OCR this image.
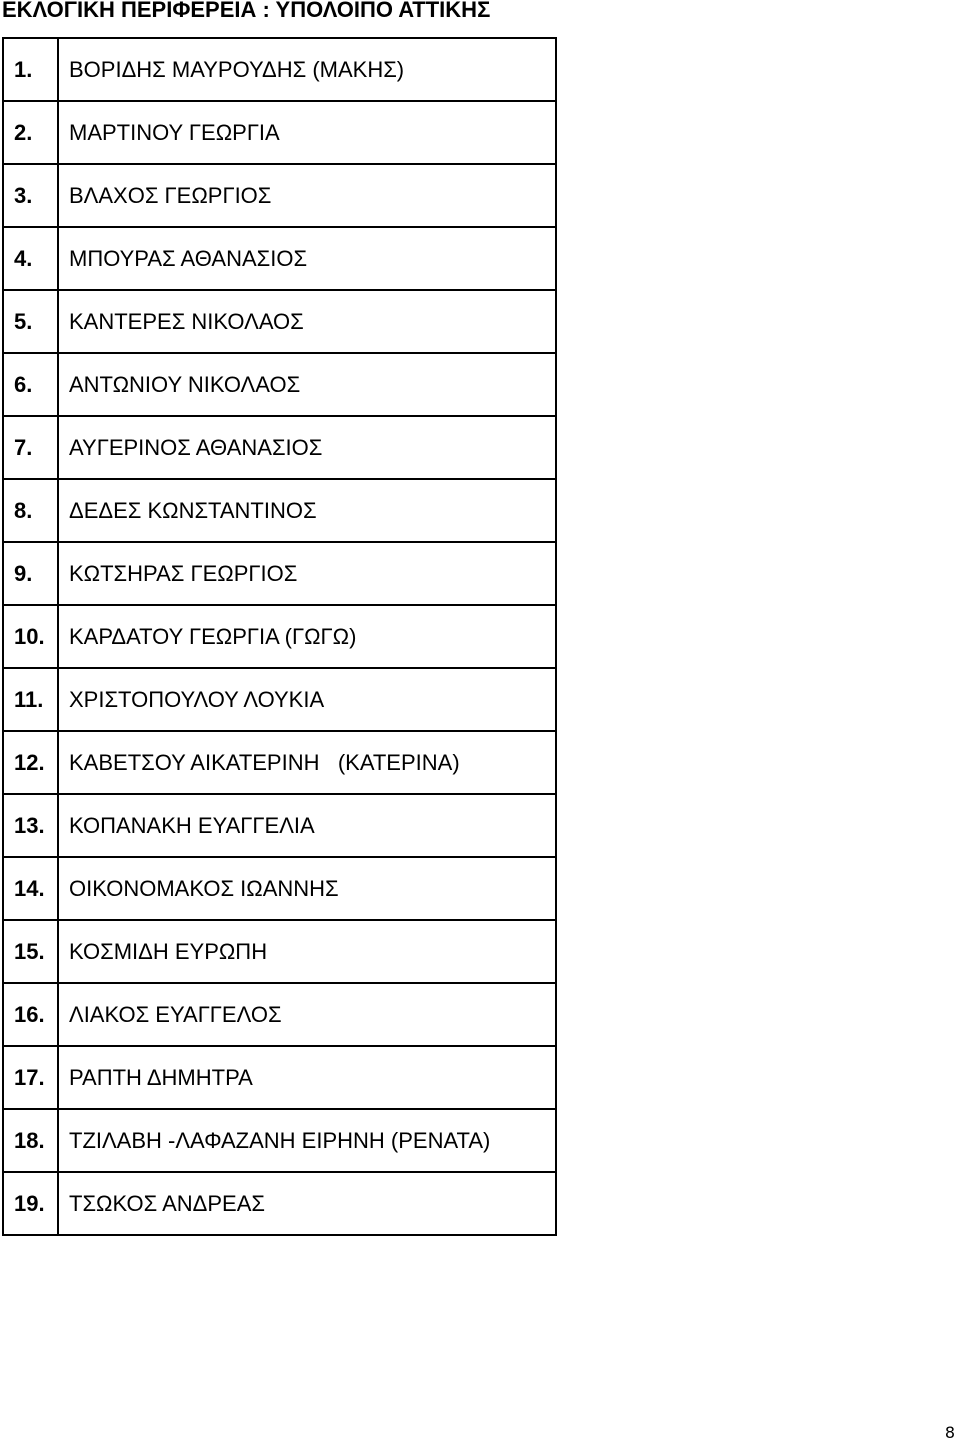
ΕΚΛΟΓΙΚΗ ΠΕΡΙΦΕΡΕΙΑ : ΥΠΟΛΟΙΠΟ ΑΤΤΙΚΗΣ
1.	ΒΟΡΙΔΗΣ ΜΑΥΡΟΥΔΗΣ (ΜΑΚΗΣ)
2.	ΜΑΡΤΙΝΟΥ ΓΕΩΡΓΙΑ
3.	ΒΛΑΧΟΣ ΓΕΩΡΓΙΟΣ
4.	ΜΠΟΥΡΑΣ ΑΘΑΝΑΣΙΟΣ
5.	ΚΑΝΤΕΡΕΣ ΝΙΚΟΛΑΟΣ
6.	ΑΝΤΩΝΙΟΥ ΝΙΚΟΛΑΟΣ
7.	ΑΥΓΕΡΙΝΟΣ ΑΘΑΝΑΣΙΟΣ
8.	ΔΕΔΕΣ ΚΩΝΣΤΑΝΤΙΝΟΣ
9.	ΚΩΤΣΗΡΑΣ ΓΕΩΡΓΙΟΣ
10.	ΚΑΡΔΑΤΟΥ ΓΕΩΡΓΙΑ (ΓΩΓΩ)
11.	ΧΡΙΣΤΟΠΟΥΛΟΥ ΛΟΥΚΙΑ
12.	ΚΑΒΕΤΣΟΥ ΑΙΚΑΤΕΡΙΝΗ   (ΚΑΤΕΡΙΝΑ)
13.	ΚΟΠΑΝΑΚΗ ΕΥΑΓΓΕΛΙΑ
14.	ΟΙΚΟΝΟΜΑΚΟΣ ΙΩΑΝΝΗΣ
15.	ΚΟΣΜΙΔΗ ΕΥΡΩΠΗ
16.	ΛΙΑΚΟΣ ΕΥΑΓΓΕΛΟΣ
17.	ΡΑΠΤΗ ΔΗΜΗΤΡΑ
18.	ΤΖΙΛΑΒΗ -ΛΑΦΑΖΑΝΗ ΕΙΡΗΝΗ (ΡΕΝΑΤΑ)
19.	ΤΣΩΚΟΣ ΑΝΔΡΕΑΣ
8
